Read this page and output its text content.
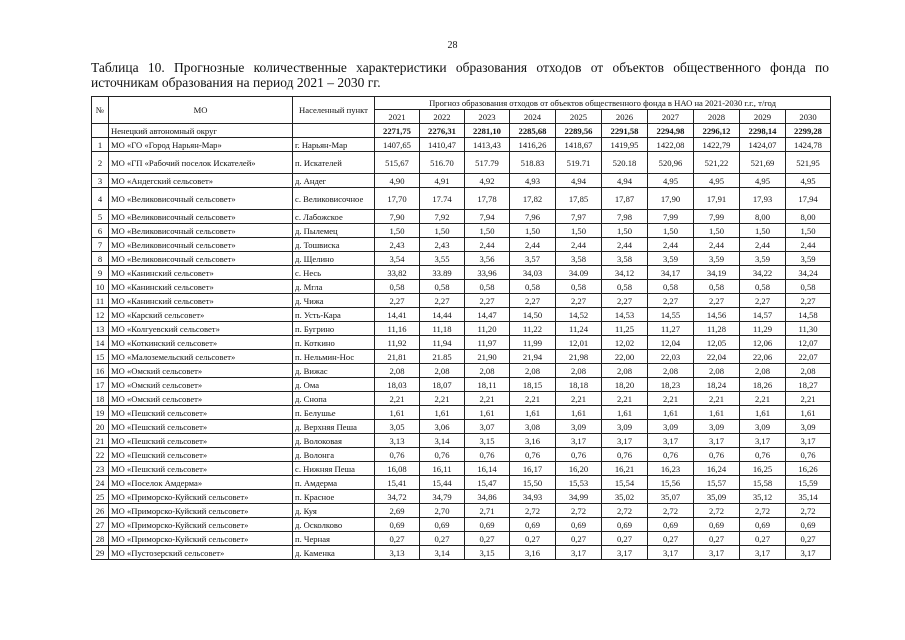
28
Таблица 10. Прогнозные количественные характеристики образования отходов от объектов общественного фонда по источникам образования на период 2021 – 2030 гг.
№	МО	Населенный пункт	Прогноз образования отходов от объектов общественного фонда в НАО на 2021-2030 г.г., т/год									
			2021	2022	2023	2024	2025	2026	2027	2028	2029	2030
	Ненецкий автономный округ		2271,75	2276,31	2281,10	2285,68	2289,56	2291,58	2294,98	2296,12	2298,14	2299,28
1	МО «ГО «Город Нарьян-Мар»	г. Нарьян-Мар	1407,65	1410,47	1413,43	1416,26	1418,67	1419,95	1422,08	1422,79	1424,07	1424,78
2	МО «ГП «Рабочий поселок Искателей»	п. Искателей	515,67	516.70	517.79	518.83	519.71	520.18	520,96	521,22	521,69	521,95
3	МО «Андегский сельсовет»	д. Андег	4,90	4,91	4,92	4,93	4,94	4,94	4,95	4,95	4,95	4,95
4	МО «Великовисочный сельсовет»	с. Великовисочное	17,70	17.74	17,78	17,82	17,85	17,87	17,90	17,91	17,93	17,94
5	МО «Великовисочный сельсовет»	с. Лабожское	7,90	7,92	7,94	7,96	7,97	7,98	7,99	7,99	8,00	8,00
6	МО «Великовисочный сельсовет»	д. Пылемец	1,50	1,50	1,50	1,50	1,50	1,50	1,50	1,50	1,50	1,50
7	МО «Великовисочный сельсовет»	д. Тошвиска	2,43	2,43	2,44	2,44	2,44	2,44	2,44	2,44	2,44	2,44
8	МО «Великовисочный сельсовет»	д. Щелино	3,54	3,55	3,56	3,57	3,58	3,58	3,59	3,59	3,59	3,59
9	МО «Канинский сельсовет»	с. Несь	33,82	33.89	33,96	34,03	34.09	34,12	34,17	34,19	34,22	34,24
10	МО «Канинский сельсовет»	д. Мгла	0,58	0,58	0,58	0,58	0,58	0,58	0,58	0,58	0,58	0,58
11	МО «Канинский сельсовет»	д. Чижа	2,27	2,27	2,27	2,27	2,27	2,27	2,27	2,27	2,27	2,27
12	МО «Карский сельсовет»	п. Усть-Кара	14,41	14,44	14,47	14,50	14,52	14,53	14,55	14,56	14,57	14,58
13	МО «Колгуевский сельсовет»	п. Бугрино	11,16	11,18	11,20	11,22	11,24	11,25	11,27	11,28	11,29	11,30
14	МО «Коткинский сельсовет»	п. Коткино	11,92	11,94	11,97	11,99	12,01	12,02	12,04	12,05	12,06	12,07
15	МО «Малоземельский сельсовет»	п. Нельмин-Нос	21,81	21.85	21,90	21,94	21,98	22,00	22,03	22,04	22,06	22,07
16	МО «Омский сельсовет»	д. Вижас	2,08	2,08	2,08	2,08	2,08	2,08	2,08	2,08	2,08	2,08
17	МО «Омский сельсовет»	д. Ома	18,03	18,07	18,11	18,15	18,18	18,20	18,23	18,24	18,26	18,27
18	МО «Омский сельсовет»	д. Снопа	2,21	2,21	2,21	2,21	2,21	2,21	2,21	2,21	2,21	2,21
19	МО «Пешский сельсовет»	п. Белушье	1,61	1,61	1,61	1,61	1,61	1,61	1,61	1,61	1,61	1,61
20	МО «Пешский сельсовет»	д. Верхняя Пеша	3,05	3,06	3,07	3,08	3,09	3,09	3,09	3,09	3,09	3,09
21	МО «Пешский сельсовет»	д. Волоковая	3,13	3,14	3,15	3,16	3,17	3,17	3,17	3,17	3,17	3,17
22	МО «Пешский сельсовет»	д. Волонга	0,76	0,76	0,76	0,76	0,76	0,76	0,76	0,76	0,76	0,76
23	МО «Пешский сельсовет»	с. Нижняя Пеша	16,08	16,11	16,14	16,17	16,20	16,21	16,23	16,24	16,25	16,26
24	МО «Поселок Амдерма»	п. Амдерма	15,41	15,44	15,47	15,50	15,53	15,54	15,56	15,57	15,58	15,59
25	МО «Приморско-Куйский сельсовет»	п. Красное	34,72	34,79	34,86	34,93	34,99	35,02	35,07	35,09	35,12	35,14
26	МО «Приморско-Куйский сельсовет»	д. Куя	2,69	2,70	2,71	2,72	2,72	2,72	2,72	2,72	2,72	2,72
27	МО «Приморско-Куйский сельсовет»	д. Осколково	0,69	0,69	0,69	0,69	0,69	0,69	0,69	0,69	0,69	0,69
28	МО «Приморско-Куйский сельсовет»	п. Черная	0,27	0,27	0,27	0,27	0,27	0,27	0,27	0,27	0,27	0,27
29	МО «Пустозерский сельсовет»	д. Каменка	3,13	3,14	3,15	3,16	3,17	3,17	3,17	3,17	3,17	3,17
